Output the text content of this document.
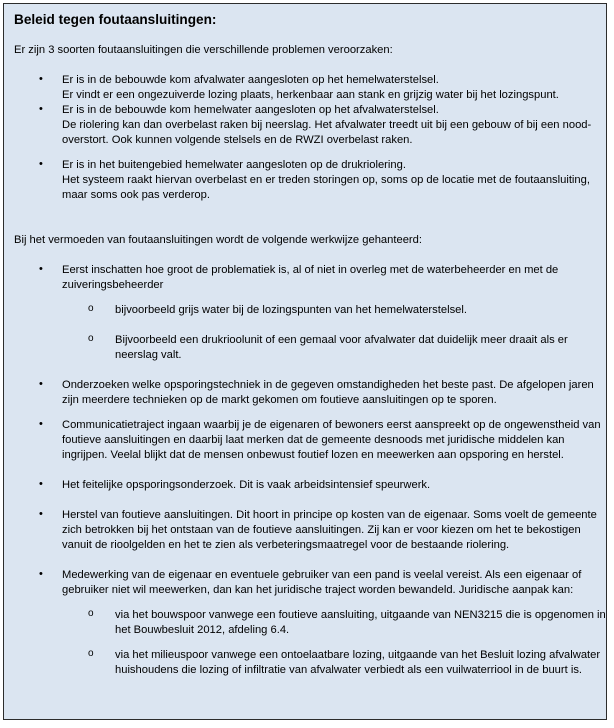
Beleid tegen foutaansluitingen:
Er zijn 3 soorten foutaansluitingen die verschillende problemen veroorzaken:
• Er is in de bebouwde kom afvalwater aangesloten op het hemelwaterstelsel.
Er vindt er een ongezuiverde lozing plaats, herkenbaar aan stank en grijzig water bij het lozingspunt.
• Er is in de bebouwde kom hemelwater aangesloten op het afvalwaterstelsel.
De riolering kan dan overbelast raken bij neerslag. Het afvalwater treedt uit bij een gebouw of bij een nood-
overstort. Ook kunnen volgende stelsels en de RWZI overbelast raken.
• Er is in het buitengebied hemelwater aangesloten op de drukriolering.
Het systeem raakt hiervan overbelast en er treden storingen op, soms op de locatie met de foutaansluiting,
maar soms ook pas verderop.
Bij het vermoeden van foutaansluitingen wordt de volgende werkwijze gehanteerd:
• Eerst inschatten hoe groot de problematiek is, al of niet in overleg met de waterbeheerder en met de
zuiveringsbeheerder
o bijvoorbeeld grijs water bij de lozingspunten van het hemelwaterstelsel.
o Bijvoorbeeld een drukrioolunit of een gemaal voor afvalwater dat duidelijk meer draait als er
neerslag valt.
• Onderzoeken welke opsporingstechniek in de gegeven omstandigheden het beste past. De afgelopen jaren
zijn meerdere technieken op de markt gekomen om foutieve aansluitingen op te sporen.
• Communicatietraject ingaan waarbij je de eigenaren of bewoners eerst aanspreekt op de ongewenstheid van
foutieve aansluitingen en daarbij laat merken dat de gemeente desnoods met juridische middelen kan
ingrijpen. Veelal blijkt dat de mensen onbewust foutief lozen en meewerken aan opsporing en herstel.
• Het feitelijke opsporingsonderzoek. Dit is vaak arbeidsintensief speurwerk.
• Herstel van foutieve aansluitingen. Dit hoort in principe op kosten van de eigenaar. Soms voelt de gemeente
zich betrokken bij het ontstaan van de foutieve aansluitingen. Zij kan er voor kiezen om het te bekostigen
vanuit de rioolgelden en het te zien als verbeteringsmaatregel voor de bestaande riolering.
• Medewerking van de eigenaar en eventuele gebruiker van een pand is veelal vereist. Als een eigenaar of
gebruiker niet wil meewerken, dan kan het juridische traject worden bewandeld. Juridische aanpak kan:
o via het bouwspoor vanwege een foutieve aansluiting, uitgaande van NEN3215 die is opgenomen in
het Bouwbesluit 2012, afdeling 6.4.
o via het milieuspoor vanwege een ontoelaatbare lozing, uitgaande van het Besluit lozing afvalwater
huishoudens die lozing of infiltratie van afvalwater verbiedt als een vuilwaterriool in de buurt is.
